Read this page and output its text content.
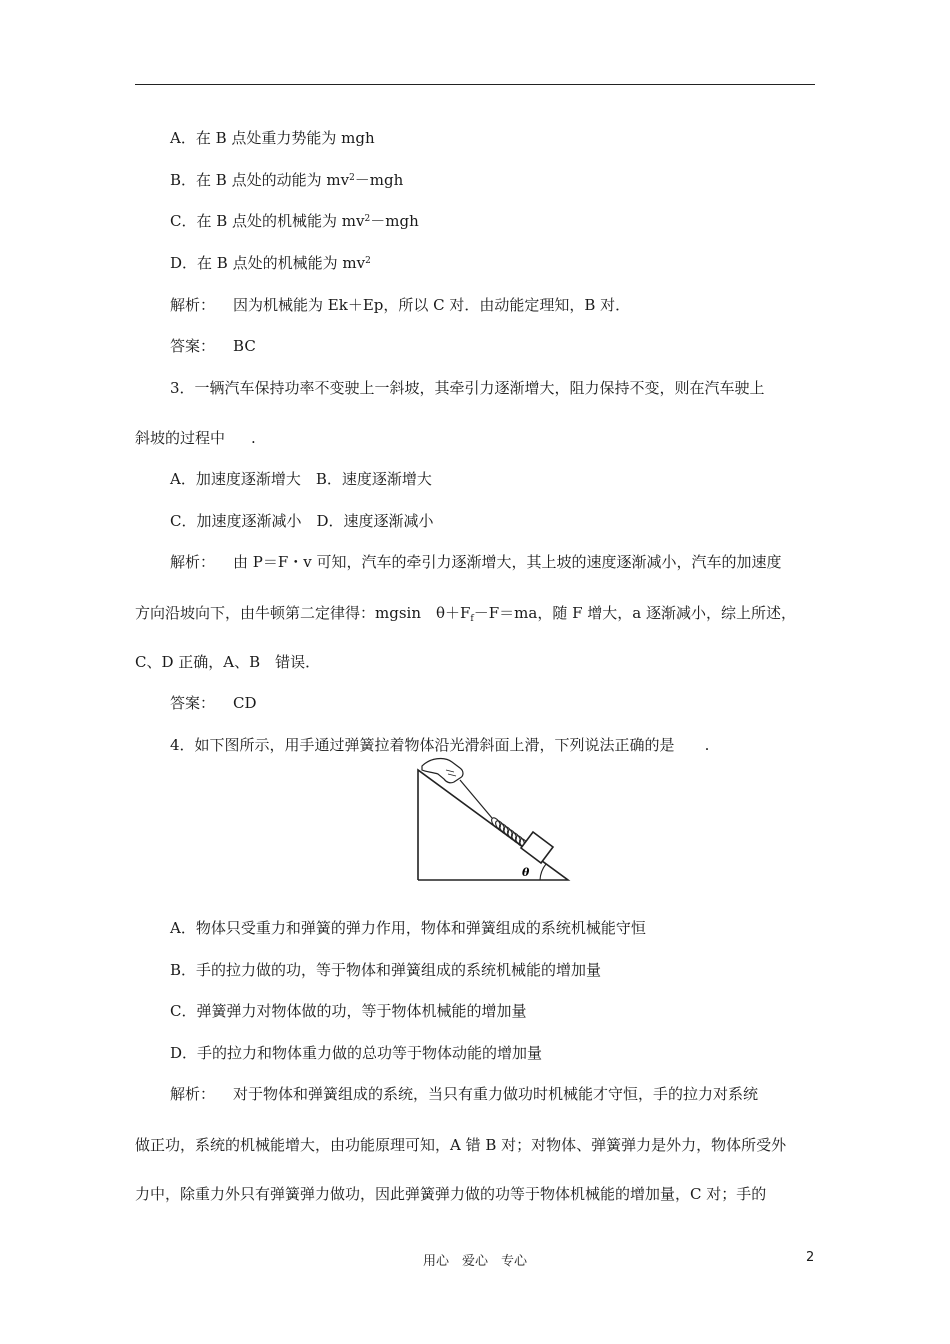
A．在 B 点处重力势能为 mgh
B．在 B 点处的动能为 $mv^2-mgh$
C．在 B 点处的机械能为 $mv^2-mgh$
D．在 B 点处的机械能为 $mv^2$
解析： 因为机械能为 Ek＋Ep，所以 C 对．由动能定理知，B 对．
答案： BC
3．一辆汽车保持功率不变驶上一斜坡，其牵引力逐渐增大，阻力保持不变，则在汽车驶上
斜坡的过程中 .
A．加速度逐渐增大　B．速度逐渐增大
C．加速度逐渐减小　D．速度逐渐减小
解析： 由 P＝F・v 可知，汽车的牵引力逐渐增大，其上坡的速度逐渐减小，汽车的加速度
方向沿坡向下，由牛顿第二定律得：mgsin　$\theta+F_f-F=ma$，随 F 增大，a 逐渐减小，综上所述，
C、D 正确，A、B　错误．
答案： CD
4．如下图所示，用手通过弹簧拉着物体沿光滑斜面上滑，下列说法正确的是 .
θ
A．物体只受重力和弹簧的弹力作用，物体和弹簧组成的系统机械能守恒
B．手的拉力做的功，等于物体和弹簧组成的系统机械能的增加量
C．弹簧弹力对物体做的功，等于物体机械能的增加量
D．手的拉力和物体重力做的总功等于物体动能的增加量
解析： 对于物体和弹簧组成的系统，当只有重力做功时机械能才守恒，手的拉力对系统
做正功，系统的机械能增大，由功能原理可知，A 错 B 对；对物体、弹簧弹力是外力，物体所受外
力中，除重力外只有弹簧弹力做功，因此弹簧弹力做的功等于物体机械能的增加量，C 对；手的
用心　爱心　专心	2
